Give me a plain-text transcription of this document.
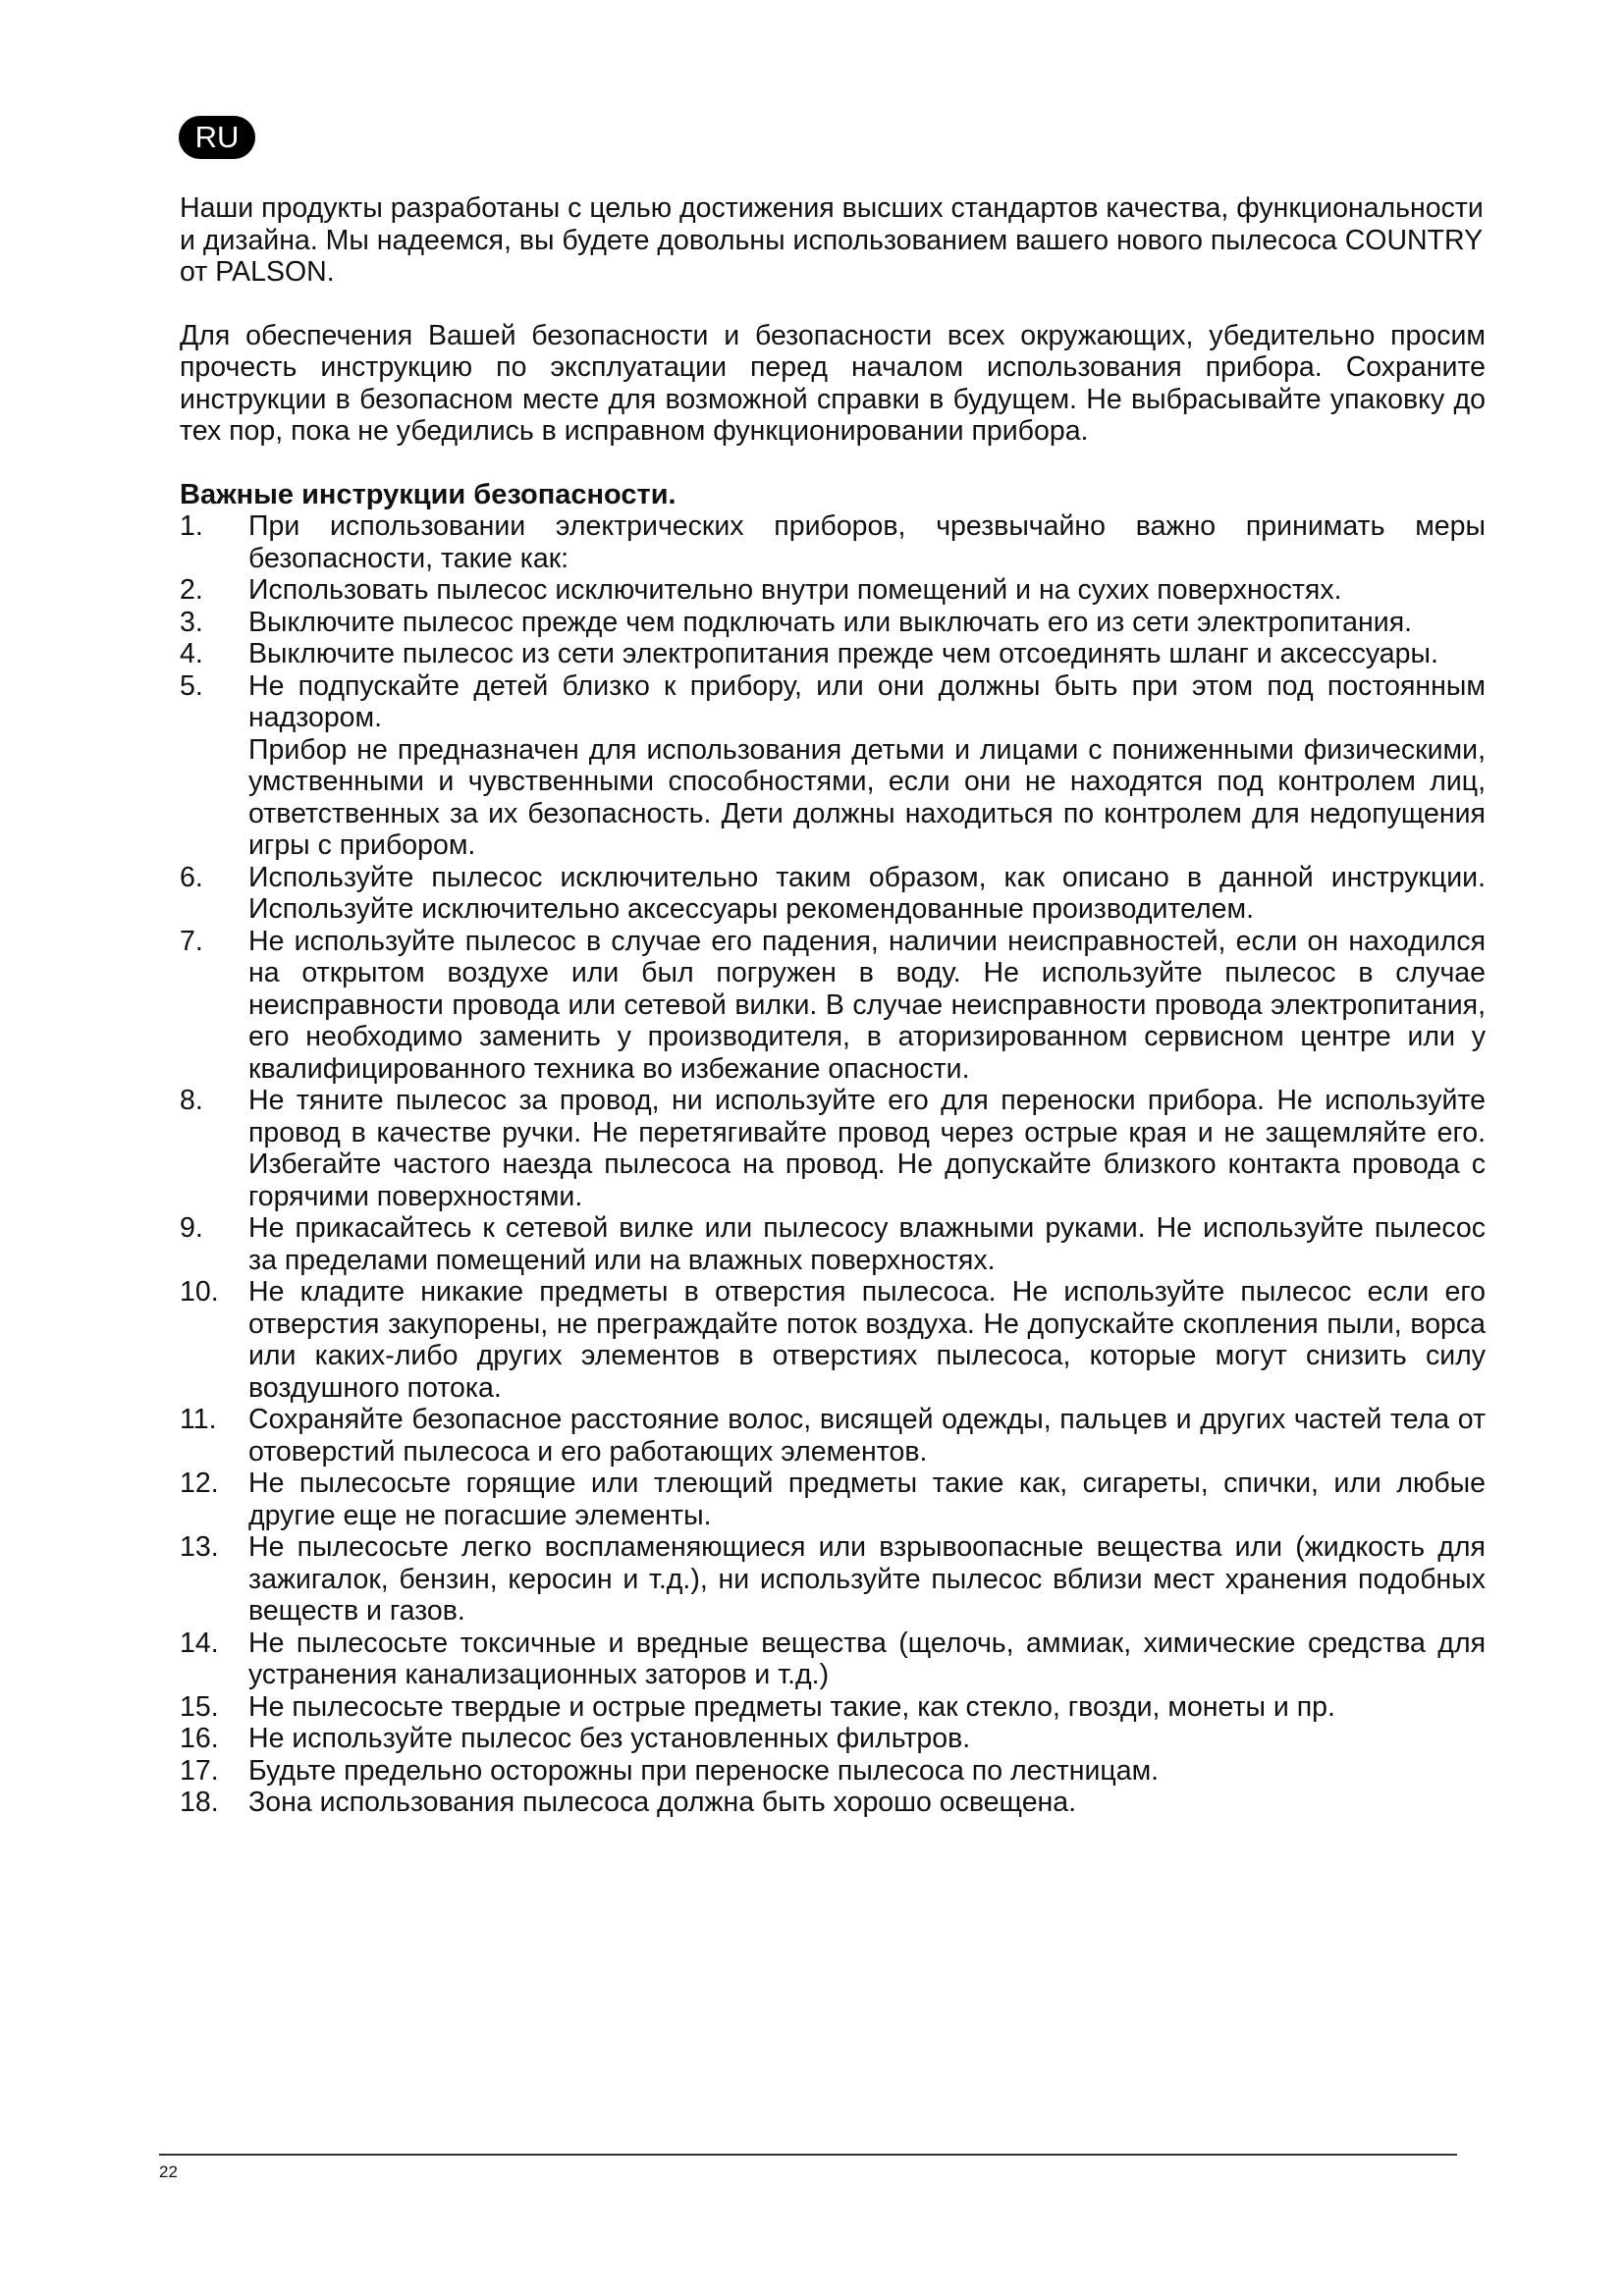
RU

Наши продукты разработаны с целью достижения высших стандартов качества, функциональности и дизайна. Мы надеемся, вы будете довольны использованием вашего нового пылесоса COUNTRY от PALSON.

Для обеспечения Вашей безопасности и безопасности всех окружающих, убедительно просим прочесть инструкцию по эксплуатации перед началом использования прибора. Сохраните инструкции в безопасном месте для возможной справки в будущем. Не выбрасывайте упаковку до тех пор, пока не убедились в исправном функционировании прибора.

Важные инструкции безопасности.

1. При использовании электрических приборов, чрезвычайно важно принимать меры безопасности, такие как:
2. Использовать пылесос исключительно внутри помещений и на сухих поверхностях.
3. Выключите пылесос прежде чем подключать или выключать его из сети электропитания.
4. Выключите пылесос из сети электропитания прежде чем отсоединять шланг и аксессуары.
5. Не подпускайте детей близко к прибору, или они должны быть при этом под постоянным надзором.
Прибор не предназначен для использования детьми и лицами с пониженными физическими, умственными и чувственными способностями, если они не находятся под контролем лиц, ответственных за их безопасность. Дети должны находиться по контролем для недопущения игры с прибором.
6. Используйте пылесос исключительно таким образом, как описано в данной инструкции. Используйте исключительно аксессуары рекомендованные производителем.
7. Не используйте пылесос в случае его падения, наличии неисправностей, если он находился на открытом воздухе или был погружен в воду. Не используйте пылесос в случае неисправности провода или сетевой вилки. В случае неисправности провода электропитания, его необходимо заменить у производителя, в аторизированном сервисном центре или у квалифицированного техника во избежание опасности.
8. Не тяните пылесос за провод, ни используйте его для переноски прибора. Не используйте провод в качестве ручки. Не перетягивайте провод через острые края и не защемляйте его. Избегайте частого наезда пылесоса на провод. Не допускайте близкого контакта провода с горячими поверхностями.
9. Не прикасайтесь к сетевой вилке или пылесосу влажными руками. Не используйте пылесос за пределами помещений или на влажных поверхностях.
10. Не кладите никакие предметы в отверстия пылесоса. Не используйте пылесос если его отверстия закупорены, не преграждайте поток воздуха. Не допускайте скопления пыли, ворса или каких-либо других элементов в отверстиях пылесоса, которые могут снизить силу воздушного потока.
11. Сохраняйте безопасное расстояние волос, висящей одежды, пальцев и других частей тела от отоверстий пылесоса и его работающих элементов.
12. Не пылесосьте горящие или тлеющий предметы такие как, сигареты, спички, или любые другие еще не погасшие элементы.
13. Не пылесосьте легко воспламеняющиеся или взрывоопасные вещества или (жидкость для зажигалок, бензин, керосин и т.д.), ни используйте пылесос вблизи мест хранения подобных веществ и газов.
14. Не пылесосьте токсичные и вредные вещества (щелочь, аммиак, химические средства для устранения канализационных заторов и т.д.)
15. Не пылесосьте твердые и острые предметы такие, как стекло, гвозди, монеты и пр.
16. Не используйте пылесос без установленных фильтров.
17. Будьте предельно осторожны при переноске пылесоса по лестницам.
18. Зона использования пылесоса должна быть хорошо освещена.
22
